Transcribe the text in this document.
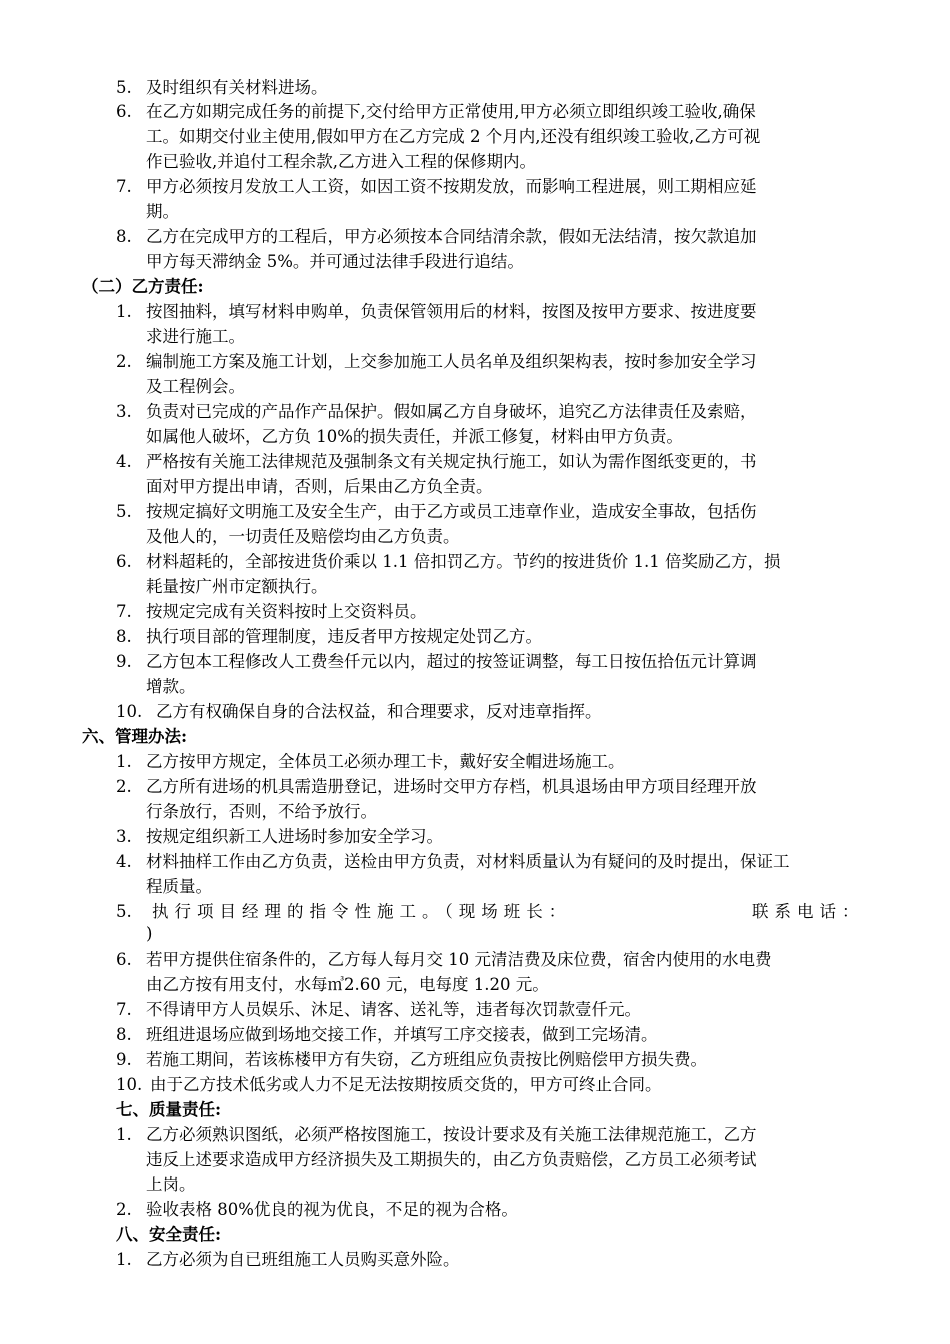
5. 及时组织有关材料进场。
6. 在乙方如期完成任务的前提下,交付给甲方正常使用,甲方必须立即组织竣工验收,确保
工。如期交付业主使用,假如甲方在乙方完成 2 个月内,还没有组织竣工验收,乙方可视
作已验收,并追付工程余款,乙方进入工程的保修期内。
7. 甲方必须按月发放工人工资，如因工资不按期发放，而影响工程进展，则工期相应延
期。
8. 乙方在完成甲方的工程后，甲方必须按本合同结清余款，假如无法结清，按欠款追加
甲方每天滞纳金 5%。并可通过法律手段进行追结。
（二）乙方责任:
1. 按图抽料，填写材料申购单，负责保管领用后的材料，按图及按甲方要求、按进度要
求进行施工。
2. 编制施工方案及施工计划，上交参加施工人员名单及组织架构表，按时参加安全学习
及工程例会。
3. 负责对已完成的产品作产品保护。假如属乙方自身破坏，追究乙方法律责任及索赔，
如属他人破坏，乙方负 10%的损失责任，并派工修复，材料由甲方负责。
4. 严格按有关施工法律规范及强制条文有关规定执行施工，如认为需作图纸变更的，书
面对甲方提出申请，否则，后果由乙方负全责。
5. 按规定搞好文明施工及安全生产，由于乙方或员工违章作业，造成安全事故，包括伤
及他人的，一切责任及赔偿均由乙方负责。
6. 材料超耗的，全部按进货价乘以 1.1 倍扣罚乙方。节约的按进货价 1.1 倍奖励乙方，损
耗量按广州市定额执行。
7. 按规定完成有关资料按时上交资料员。
8. 执行项目部的管理制度，违反者甲方按规定处罚乙方。
9. 乙方包本工程修改人工费叁仟元以内，超过的按签证调整，每工日按伍拾伍元计算调
增款。
10. 乙方有权确保自身的合法权益，和合理要求，反对违章指挥。
六、管理办法:
1. 乙方按甲方规定，全体员工必须办理工卡，戴好安全帽进场施工。
2. 乙方所有进场的机具需造册登记，进场时交甲方存档，机具退场由甲方项目经理开放
行条放行，否则，不给予放行。
3. 按规定组织新工人进场时参加安全学习。
4. 材料抽样工作由乙方负责，送检由甲方负责，对材料质量认为有疑问的及时提出，保证工
程质量。
5. 执行项目经理的指令性施工。（现场班长：	联系电话：
)
6. 若甲方提供住宿条件的，乙方每人每月交 10 元清洁费及床位费，宿舍内使用的水电费
由乙方按有用支付，水每㎥2.60 元，电每度 1.20 元。
7. 不得请甲方人员娱乐、沐足、请客、送礼等，违者每次罚款壹仟元。
8. 班组进退场应做到场地交接工作，并填写工序交接表，做到工完场清。
9. 若施工期间，若该栋楼甲方有失窃，乙方班组应负责按比例赔偿甲方损失费。
10. 由于乙方技术低劣或人力不足无法按期按质交货的，甲方可终止合同。
七、质量责任:
1. 乙方必须熟识图纸，必须严格按图施工，按设计要求及有关施工法律规范施工，乙方
违反上述要求造成甲方经济损失及工期损失的，由乙方负责赔偿，乙方员工必须考试
上岗。
2. 验收表格 80%优良的视为优良，不足的视为合格。
八、安全责任:
1. 乙方必须为自已班组施工人员购买意外险。
